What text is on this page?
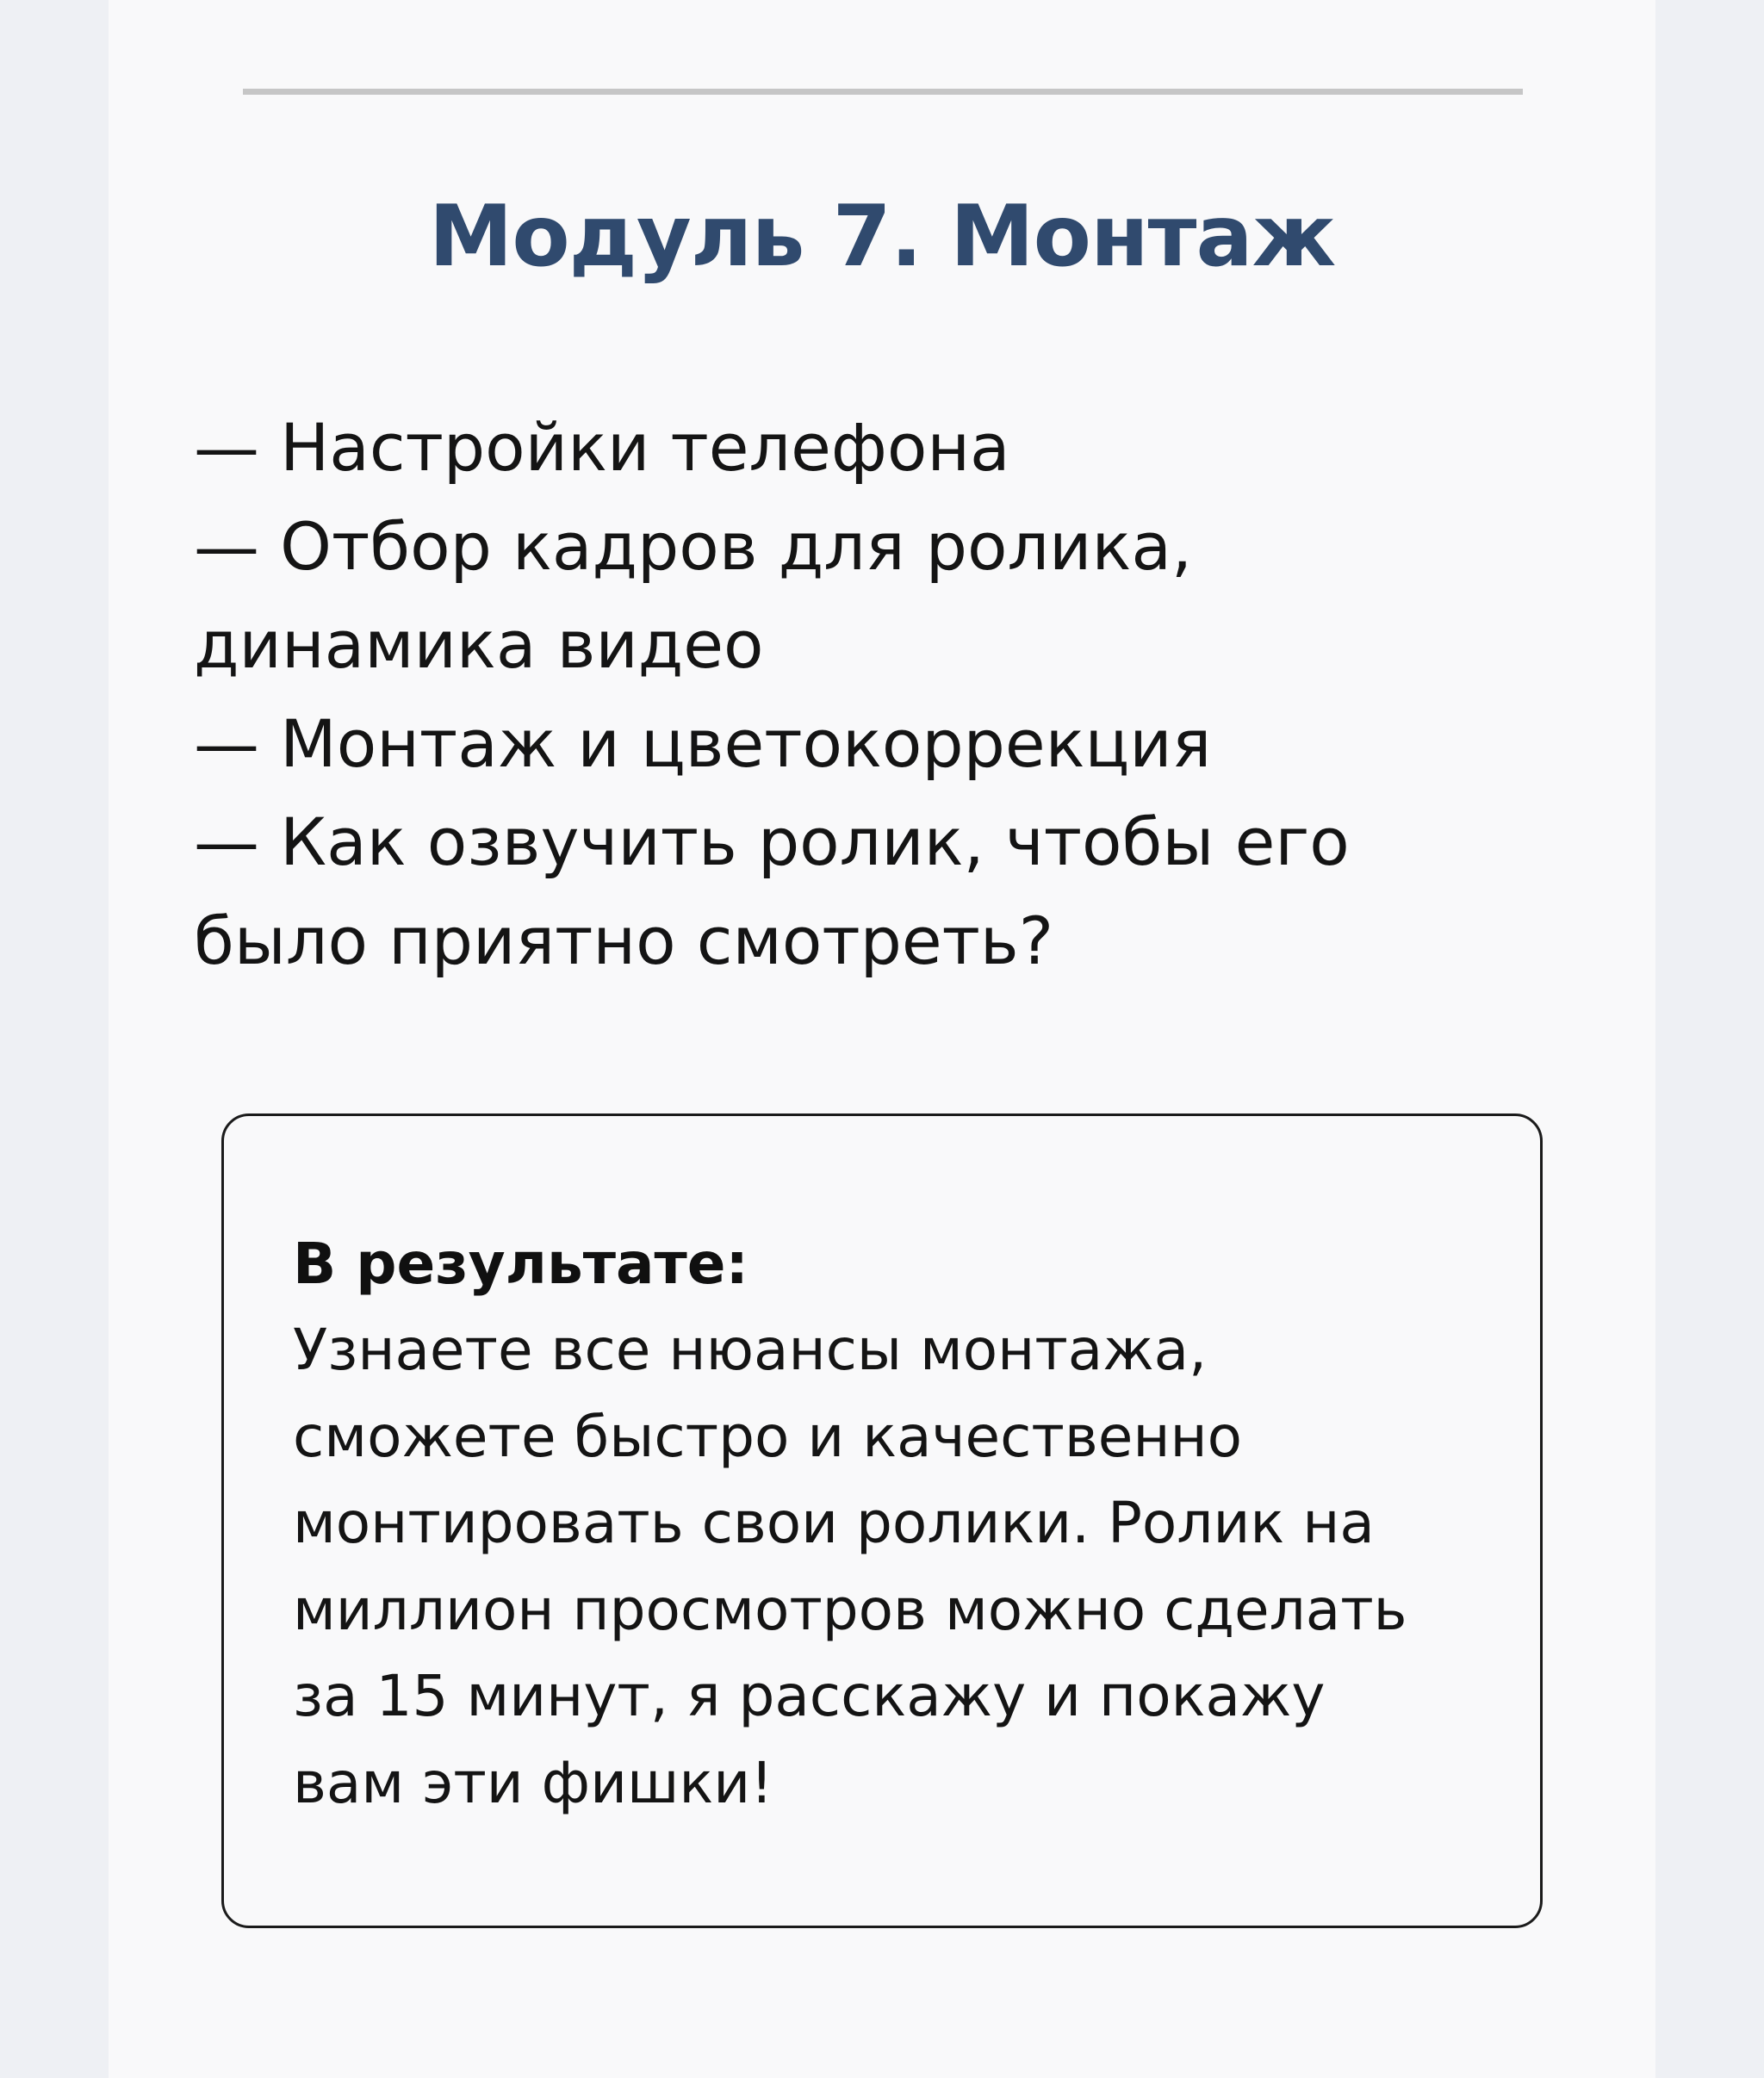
Модуль 7. Монтаж
— Настройки телефона
— Отбор кадров для ролика,
динамика видео
— Монтаж и цветокоррекция
— Как озвучить ролик, чтобы его
было приятно смотреть?
В результате:
Узнаете все нюансы монтажа,
сможете быстро и качественно
монтировать свои ролики. Ролик на
миллион просмотров можно сделать
за 15 минут, я расскажу и покажу
вам эти фишки!
